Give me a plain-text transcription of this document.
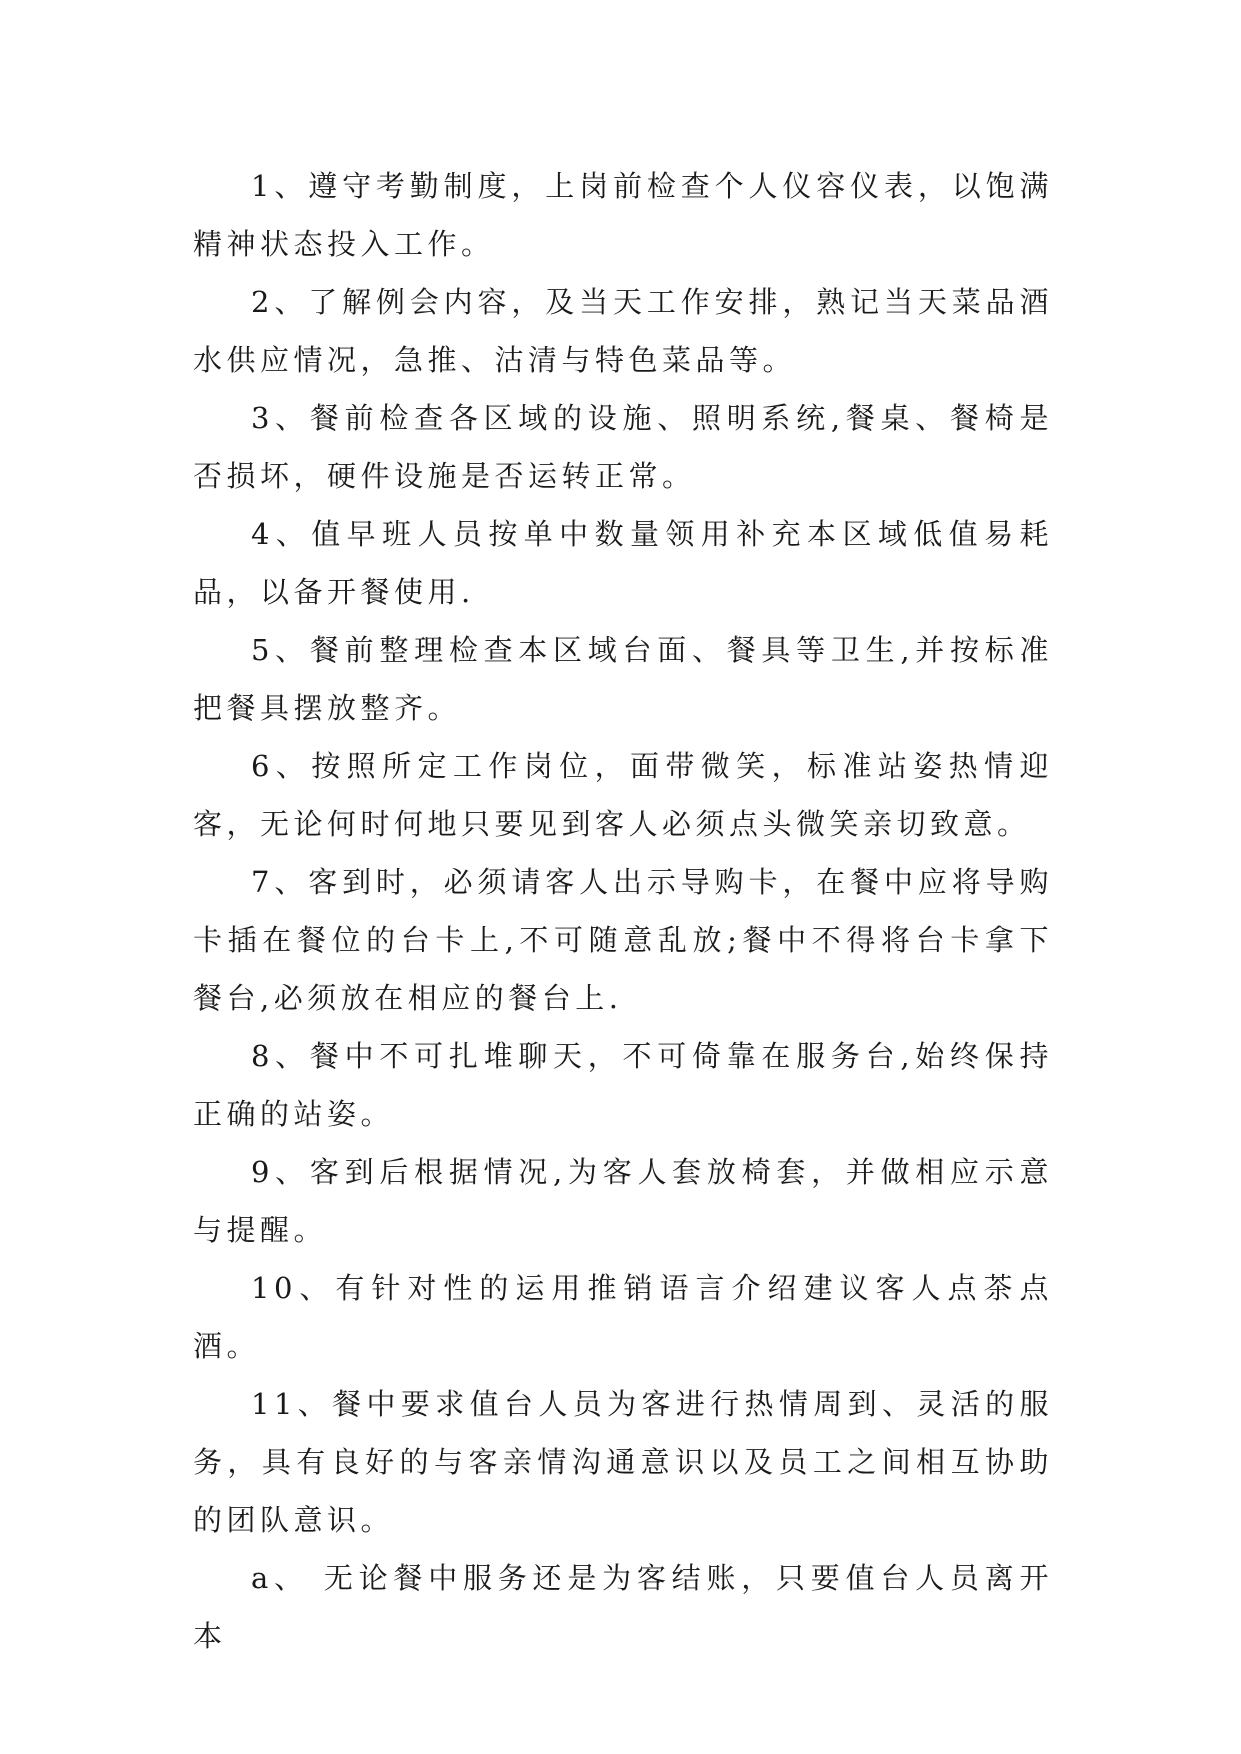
1、遵守考勤制度，上岗前检查个人仪容仪表，以饱满精神状态投入工作。

2、了解例会内容，及当天工作安排，熟记当天菜品酒水供应情况，急推、沽清与特色菜品等。

3、餐前检查各区域的设施、照明系统,餐桌、餐椅是否损坏，硬件设施是否运转正常。

4、值早班人员按单中数量领用补充本区域低值易耗品，以备开餐使用.

5、餐前整理检查本区域台面、餐具等卫生,并按标准把餐具摆放整齐。

6、按照所定工作岗位，面带微笑，标准站姿热情迎客，无论何时何地只要见到客人必须点头微笑亲切致意。

7、客到时，必须请客人出示导购卡，在餐中应将导购卡插在餐位的台卡上,不可随意乱放;餐中不得将台卡拿下餐台,必须放在相应的餐台上.

8、餐中不可扎堆聊天，不可倚靠在服务台,始终保持正确的站姿。

9、客到后根据情况,为客人套放椅套，并做相应示意与提醒。

10、有针对性的运用推销语言介绍建议客人点茶点酒。

11、餐中要求值台人员为客进行热情周到、灵活的服务，具有良好的与客亲情沟通意识以及员工之间相互协助的团队意识。

a、 无论餐中服务还是为客结账，只要值台人员离开本
